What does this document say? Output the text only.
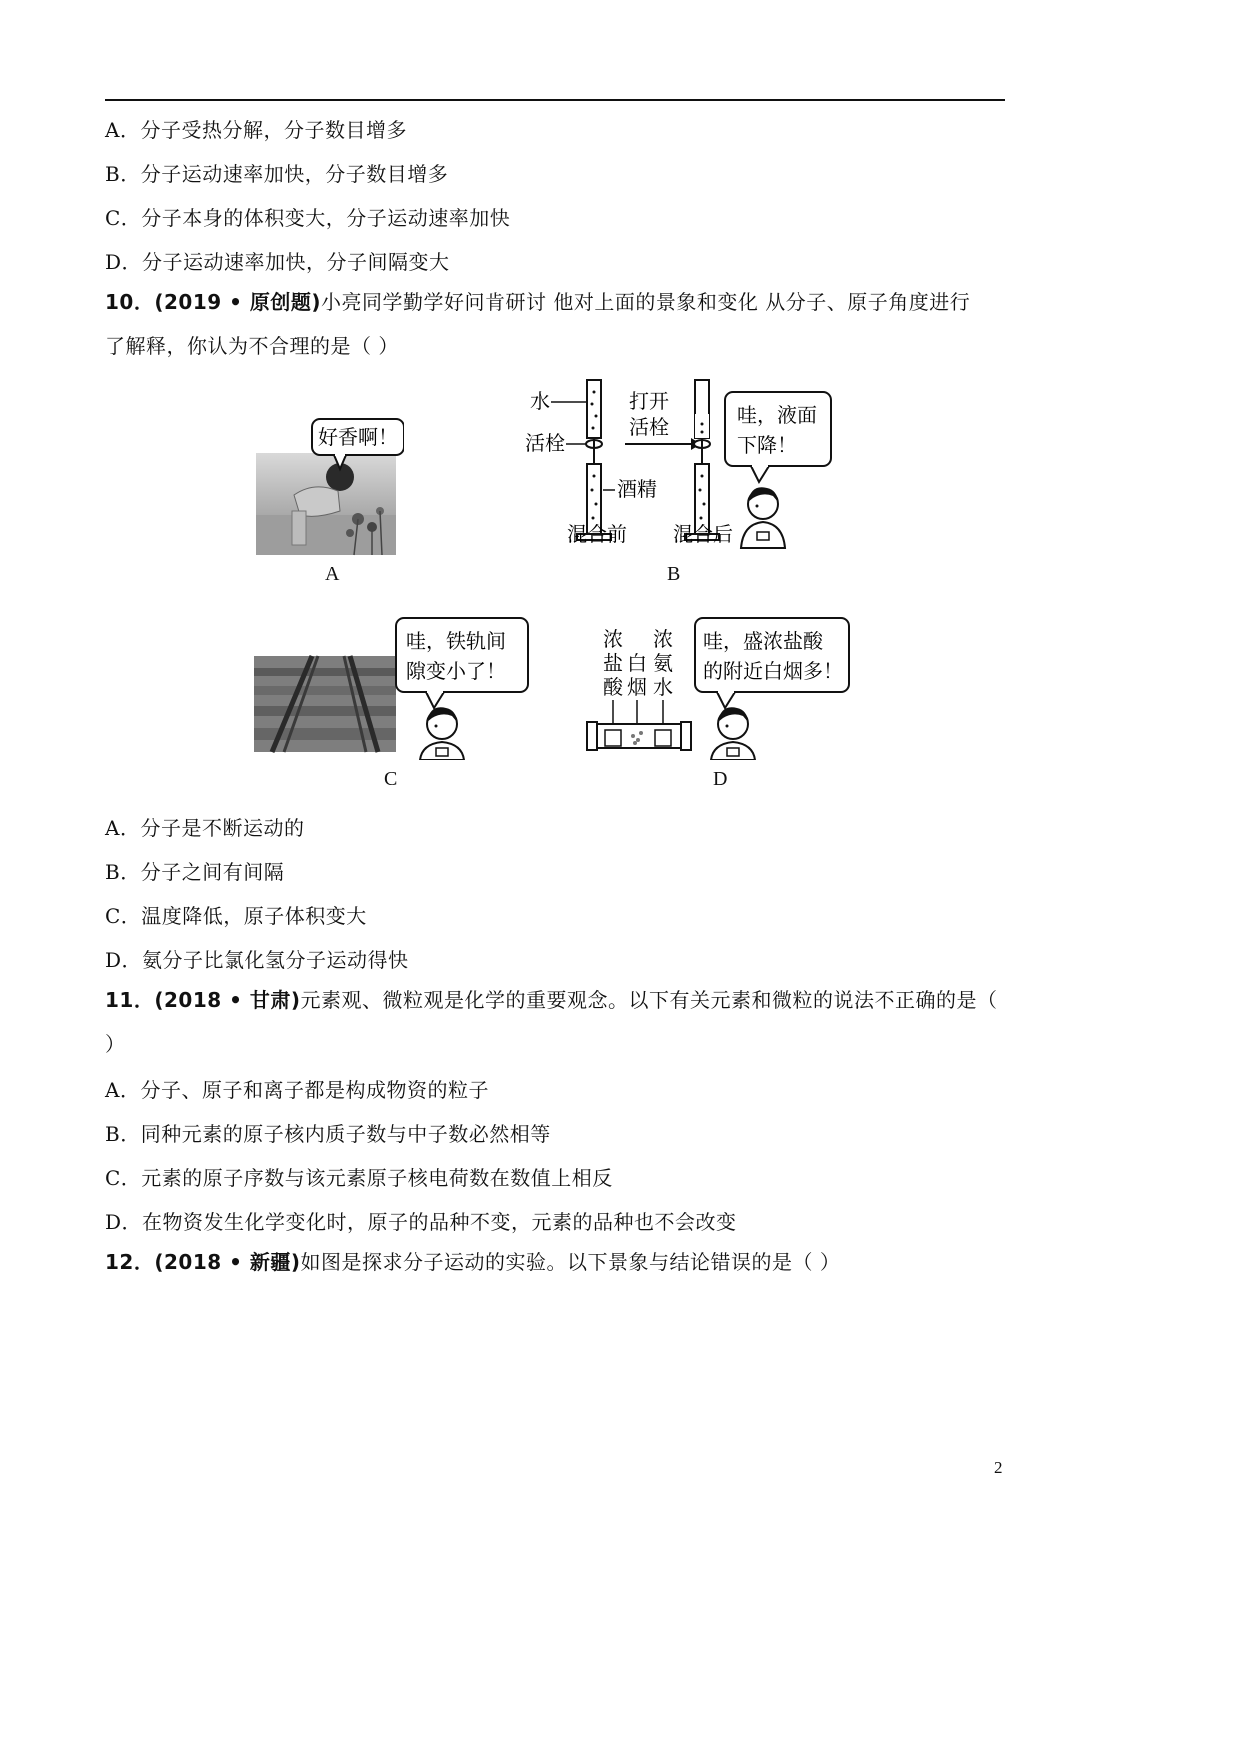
A．分子受热分解，分子数目增多
B．分子运动速率加快，分子数目增多
C．分子本身的体积变大，分子运动速率加快
D．分子运动速率加快，分子间隔变大
10．(2019 • 原创题)小亮同学勤学好问肯研讨 他对上面的景象和变化 从分子、原子角度进行
了解释，你认为不合理的是（ ）
好香啊！
A
水
活栓
酒精
混合前
打开
活栓
混合后
哇，液面
下降！
B
哇，铁轨间
隙变小了！
C
浓
盐
酸
白
烟
浓
氨
水
哇，盛浓盐酸
的附近白烟多！
D
A．分子是不断运动的
B．分子之间有间隔
C．温度降低，原子体积变大
D．氨分子比氯化氢分子运动得快
11．(2018 • 甘肃)元素观、微粒观是化学的重要观念。以下有关元素和微粒的说法不正确的是（
）
A．分子、原子和离子都是构成物资的粒子
B．同种元素的原子核内质子数与中子数必然相等
C．元素的原子序数与该元素原子核电荷数在数值上相反
D．在物资发生化学变化时，原子的品种不变，元素的品种也不会改变
12．(2018 • 新疆)如图是探求分子运动的实验。以下景象与结论错误的是（ ）
2
